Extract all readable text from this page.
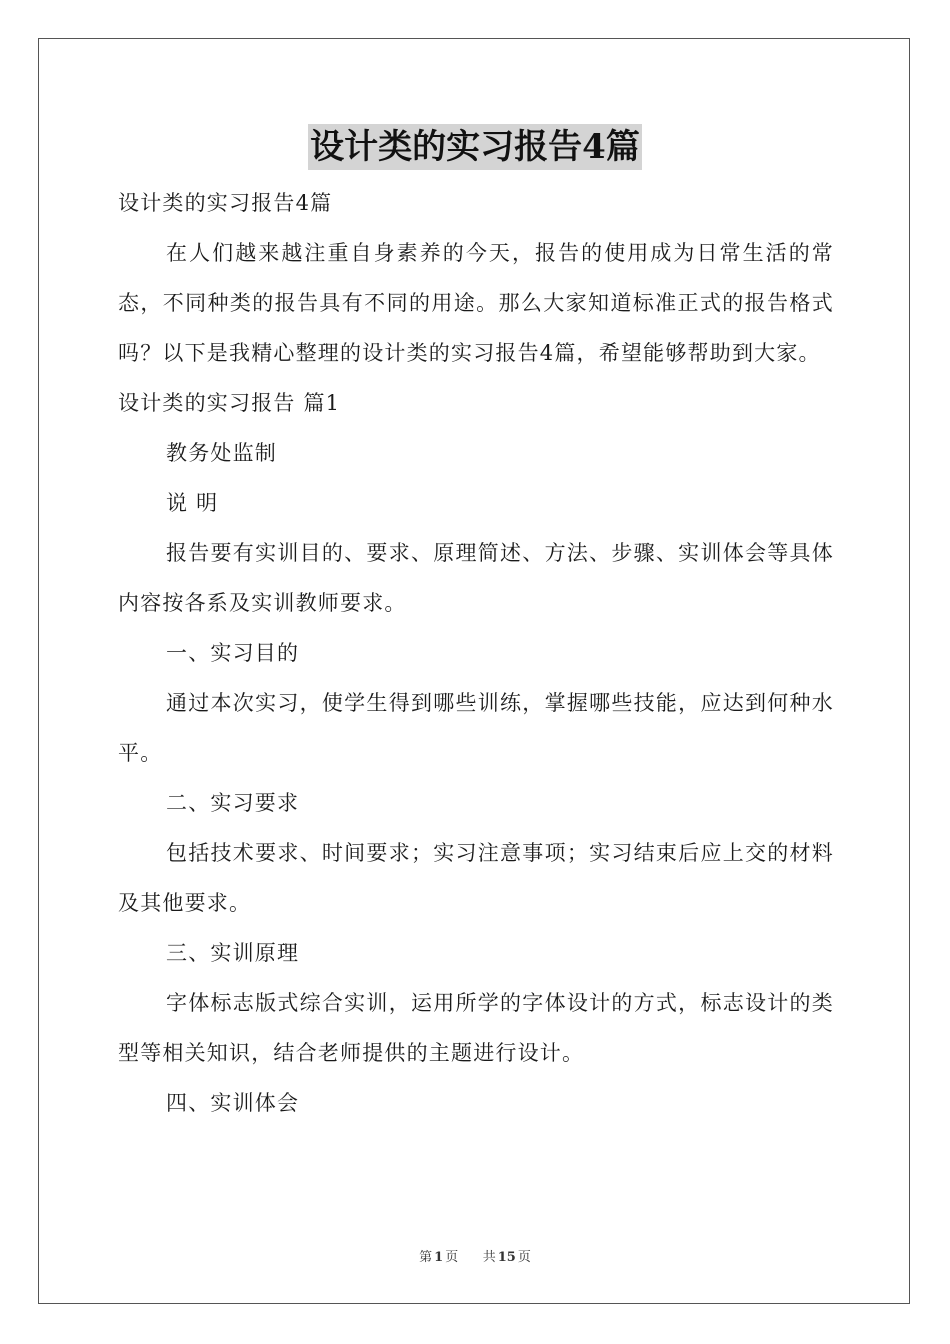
设计类的实习报告4篇

设计类的实习报告4篇

在人们越来越注重自身素养的今天，报告的使用成为日常生活的常态，不同种类的报告具有不同的用途。那么大家知道标准正式的报告格式吗？以下是我精心整理的设计类的实习报告4篇，希望能够帮助到大家。

设计类的实习报告 篇1

教务处监制

说 明

报告要有实训目的、要求、原理简述、方法、步骤、实训体会等具体内容按各系及实训教师要求。

一、实习目的

通过本次实习，使学生得到哪些训练，掌握哪些技能，应达到何种水平。

二、实习要求

包括技术要求、时间要求；实习注意事项；实习结束后应上交的材料及其他要求。

三、实训原理

字体标志版式综合实训，运用所学的字体设计的方式，标志设计的类型等相关知识，结合老师提供的主题进行设计。

四、实训体会

第 1 页 共 15 页
